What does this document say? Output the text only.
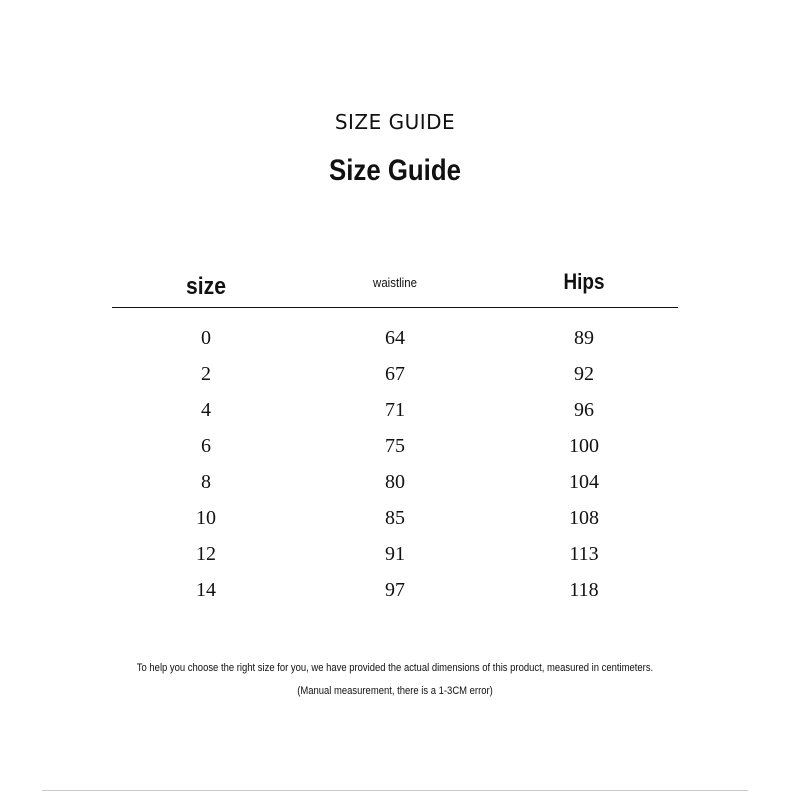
SIZE GUIDE
Size Guide
size	waistline	Hips
0	64	89
2	67	92
4	71	96
6	75	100
8	80	104
10	85	108
12	91	113
14	97	118
To help you choose the right size for you, we have provided the actual dimensions of this product, measured in centimeters.
(Manual measurement, there is a 1-3CM error)
